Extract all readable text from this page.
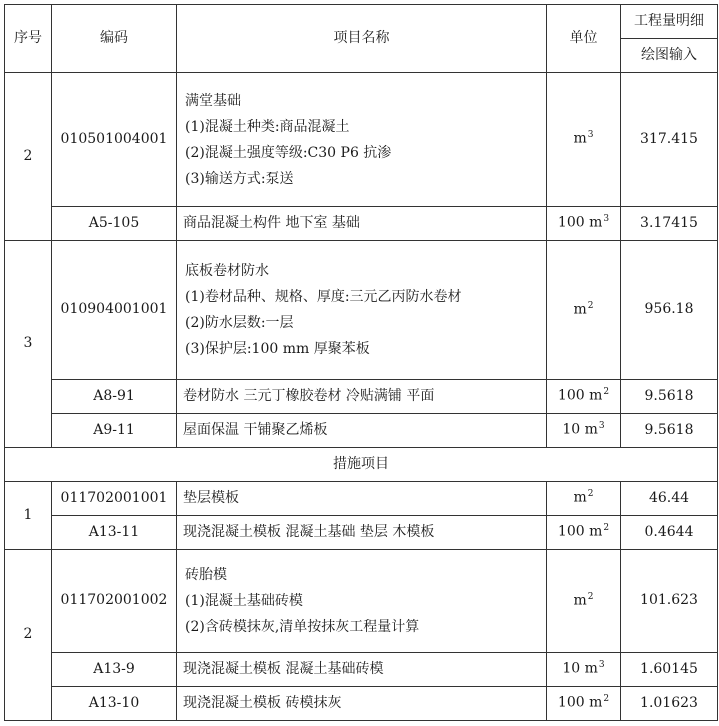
序号	编码	项目名称	单位	工程量明细
				绘图输入
2	010501004001	满堂基础
(1)混凝土种类:商品混凝土
(2)混凝土强度等级:C30 P6 抗渗
(3)输送方式:泵送	$m^3$	317.415
	A5-105	商品混凝土构件 地下室 基础	100 $m^3$	3.17415
3	010904001001	底板卷材防水
(1)卷材品种、规格、厚度:三元乙丙防水卷材
(2)防水层数:一层
(3)保护层:100 mm 厚聚苯板	$m^2$	956.18
	A8-91	卷材防水 三元丁橡胶卷材 冷贴满铺 平面	100 $m^2$	9.5618
	A9-11	屋面保温 干铺聚乙烯板	10 $m^3$	9.5618
措施项目				
1	011702001001	垫层模板	$m^2$	46.44
	A13-11	现浇混凝土模板 混凝土基础 垫层 木模板	100 $m^2$	0.4644
2	011702001002	砖胎模
(1)混凝土基础砖模
(2)含砖模抹灰,清单按抹灰工程量计算	$m^2$	101.623
	A13-9	现浇混凝土模板 混凝土基础砖模	10 $m^3$	1.60145
	A13-10	现浇混凝土模板 砖模抹灰	100 $m^2$	1.01623
